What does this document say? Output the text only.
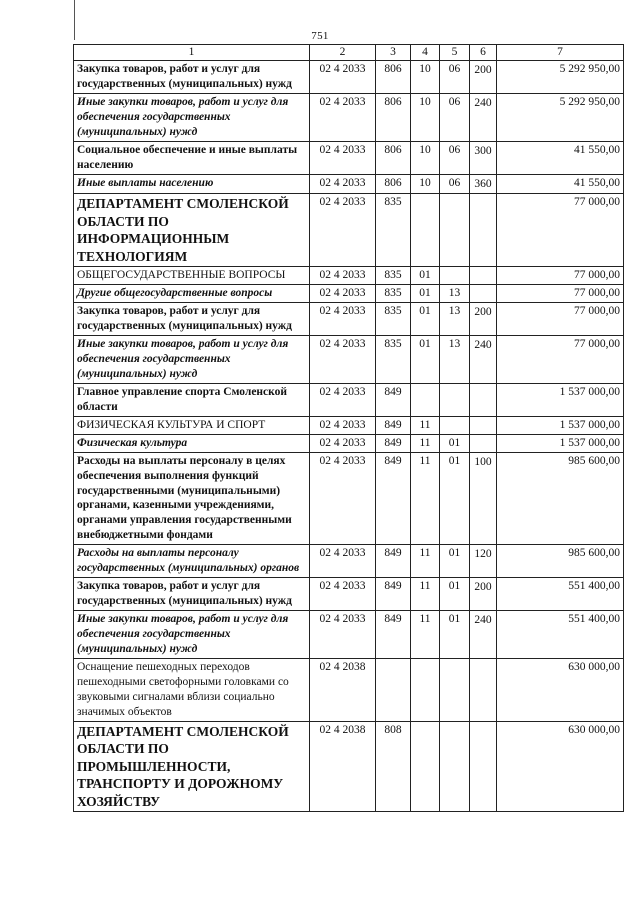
751
1	2	3	4	5	6	7
Закупка товаров, работ и услуг для государственных (муниципальных) нужд	02 4 2033	806	10	06	200	5 292 950,00
Иные закупки товаров, работ и услуг для обеспечения государственных (муниципальных) нужд	02 4 2033	806	10	06	240	5 292 950,00
Социальное обеспечение и иные выплаты населению	02 4 2033	806	10	06	300	41 550,00
Иные выплаты населению	02 4 2033	806	10	06	360	41 550,00
ДЕПАРТАМЕНТ СМОЛЕНСКОЙ ОБЛАСТИ ПО ИНФОРМАЦИОННЫМ ТЕХНОЛОГИЯМ	02 4 2033	835				77 000,00
ОБЩЕГОСУДАРСТВЕННЫЕ ВОПРОСЫ	02 4 2033	835	01			77 000,00
Другие общегосударственные вопросы	02 4 2033	835	01	13		77 000,00
Закупка товаров, работ и услуг для государственных (муниципальных) нужд	02 4 2033	835	01	13	200	77 000,00
Иные закупки товаров, работ и услуг для обеспечения государственных (муниципальных) нужд	02 4 2033	835	01	13	240	77 000,00
Главное управление спорта Смоленской области	02 4 2033	849				1 537 000,00
ФИЗИЧЕСКАЯ КУЛЬТУРА И СПОРТ	02 4 2033	849	11			1 537 000,00
Физическая культура	02 4 2033	849	11	01		1 537 000,00
Расходы на выплаты персоналу в целях обеспечения выполнения функций государственными (муниципальными) органами, казенными учреждениями, органами управления государственными внебюджетными фондами	02 4 2033	849	11	01	100	985 600,00
Расходы на выплаты персоналу государственных (муниципальных) органов	02 4 2033	849	11	01	120	985 600,00
Закупка товаров, работ и услуг для государственных (муниципальных) нужд	02 4 2033	849	11	01	200	551 400,00
Иные закупки товаров, работ и услуг для обеспечения государственных (муниципальных) нужд	02 4 2033	849	11	01	240	551 400,00
Оснащение пешеходных переходов пешеходными светофорными головками со звуковыми сигналами вблизи социально значимых объектов	02 4 2038					630 000,00
ДЕПАРТАМЕНТ СМОЛЕНСКОЙ ОБЛАСТИ ПО ПРОМЫШЛЕННОСТИ, ТРАНСПОРТУ И ДОРОЖНОМУ ХОЗЯЙСТВУ	02 4 2038	808				630 000,00
